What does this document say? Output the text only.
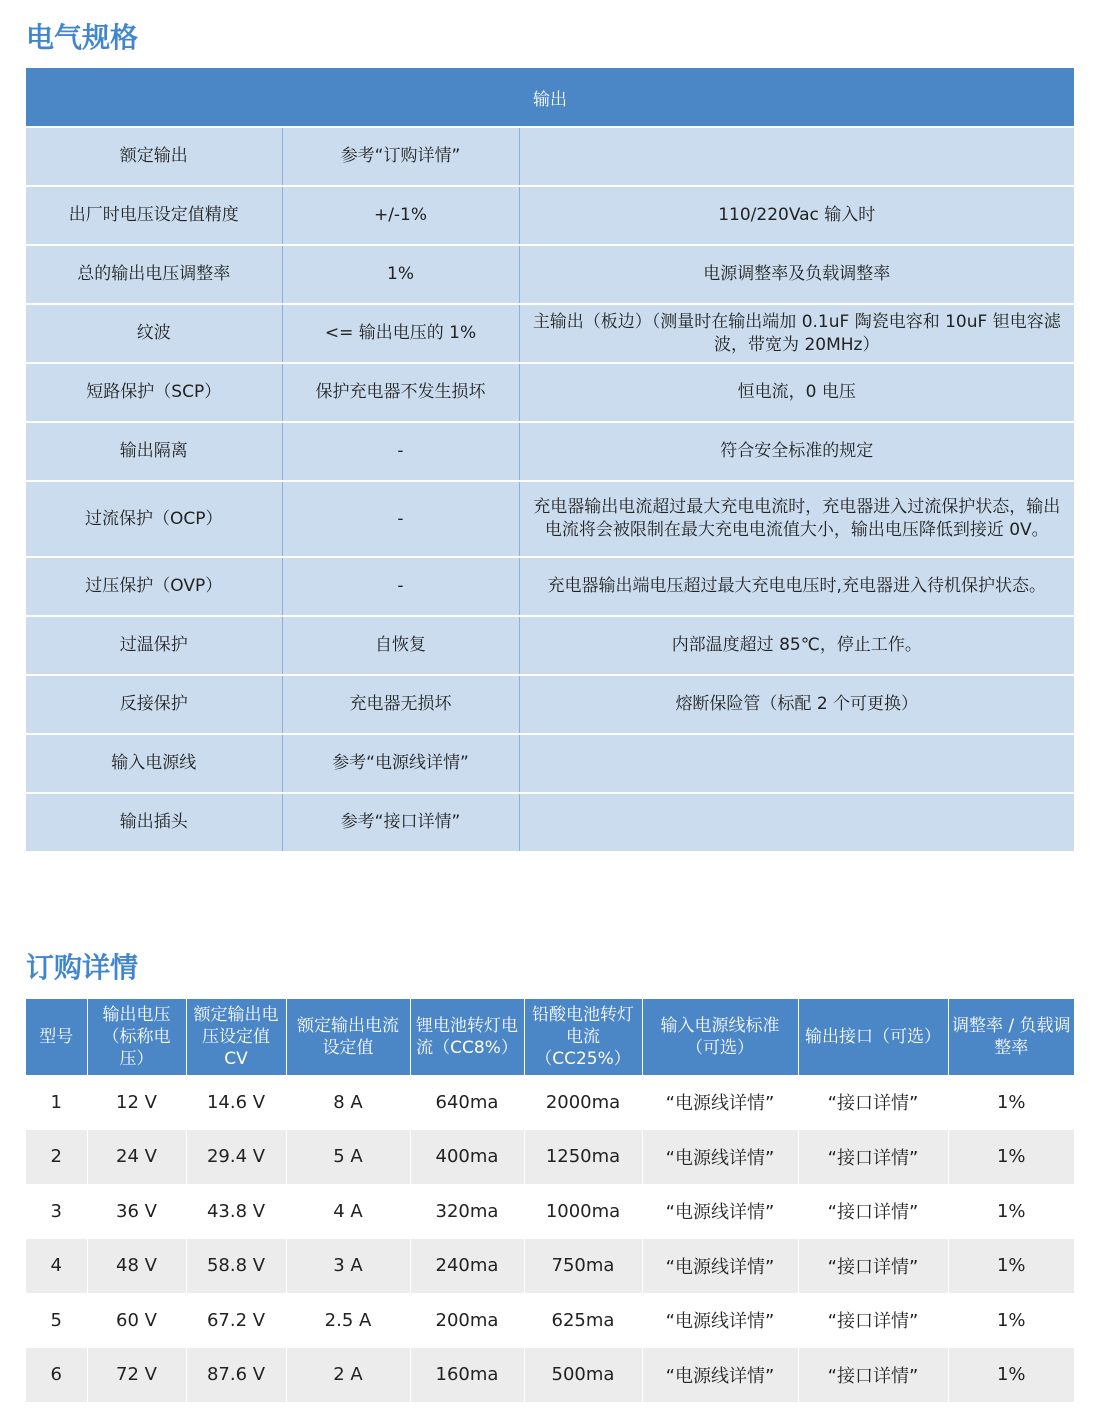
电气规格
输出		
额定输出	参考“订购详情”	
出厂时电压设定值精度	+/-1%	110/220Vac 输入时
总的输出电压调整率	1%	电源调整率及负载调整率
纹波	<= 输出电压的 1%	主输出（板边）（测量时在输出端加 0.1uF 陶瓷电容和 10uF 钽电容滤波，带宽为 20MHz）
短路保护（SCP）	保护充电器不发生损坏	恒电流，0 电压
输出隔离	-	符合安全标准的规定
过流保护（OCP）	-	充电器输出电流超过最大充电电流时，充电器进入过流保护状态，输出电流将会被限制在最大充电电流值大小，输出电压降低到接近 0V。
过压保护（OVP）	-	充电器输出端电压超过最大充电电压时,充电器进入待机保护状态。
过温保护	自恢复	内部温度超过 85℃，停止工作。
反接保护	充电器无损坏	熔断保险管（标配 2 个可更换）
输入电源线	参考“电源线详情”	
输出插头	参考“接口详情”	
订购详情
型号	输出电压（标称电压）	额定输出电压设定值 CV	额定输出电流设定值	锂电池转灯电流（CC8%）	铅酸电池转灯电流（CC25%）	输入电源线标准（可选）	输出接口（可选）	调整率 / 负载调整率
1	12 V	14.6 V	8 A	640ma	2000ma	“电源线详情”	“接口详情”	1%
2	24 V	29.4 V	5 A	400ma	1250ma	“电源线详情”	“接口详情”	1%
3	36 V	43.8 V	4 A	320ma	1000ma	“电源线详情”	“接口详情”	1%
4	48 V	58.8 V	3 A	240ma	750ma	“电源线详情”	“接口详情”	1%
5	60 V	67.2 V	2.5 A	200ma	625ma	“电源线详情”	“接口详情”	1%
6	72 V	87.6 V	2 A	160ma	500ma	“电源线详情”	“接口详情”	1%
